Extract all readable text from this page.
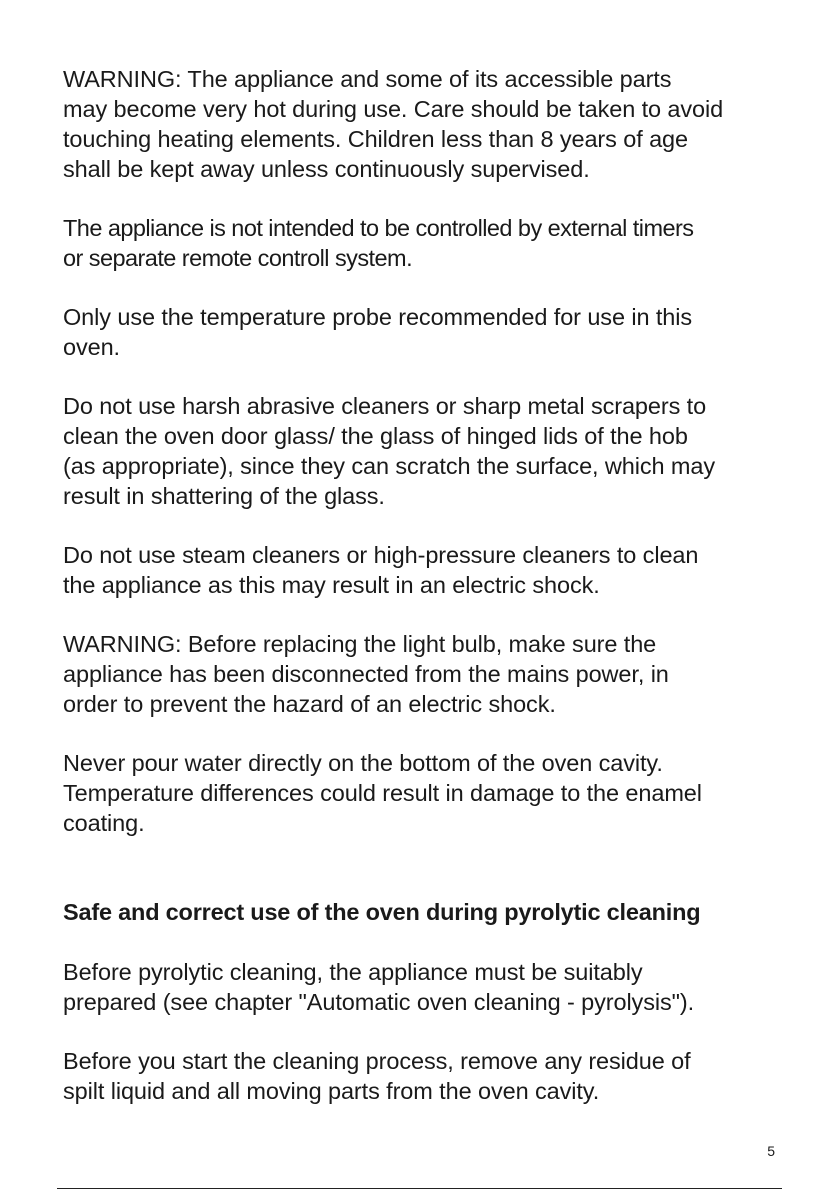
WARNING: The appliance and some of its accessible parts
may become very hot during use. Care should be taken to avoid
touching heating elements. Children less than 8 years of age
shall be kept away unless continuously supervised.

The appliance is not intended to be controlled by external timers
or separate remote controll system.

Only use the temperature probe recommended for use in this
oven.

Do not use harsh abrasive cleaners or sharp metal scrapers to
clean the oven door glass/ the glass of hinged lids of the hob
(as appropriate), since they can scratch the surface, which may
result in shattering of the glass.

Do not use steam cleaners or high-pressure cleaners to clean
the appliance as this may result in an electric shock.

WARNING: Before replacing the light bulb, make sure the
appliance has been disconnected from the mains power, in
order to prevent the hazard of an electric shock.

Never pour water directly on the bottom of the oven cavity.
Temperature differences could result in damage to the enamel
coating.

Safe and correct use of the oven during pyrolytic cleaning

Before pyrolytic cleaning, the appliance must be suitably
prepared (see chapter "Automatic oven cleaning - pyrolysis").

Before you start the cleaning process, remove any residue of
spilt liquid and all moving parts from the oven cavity.

5
